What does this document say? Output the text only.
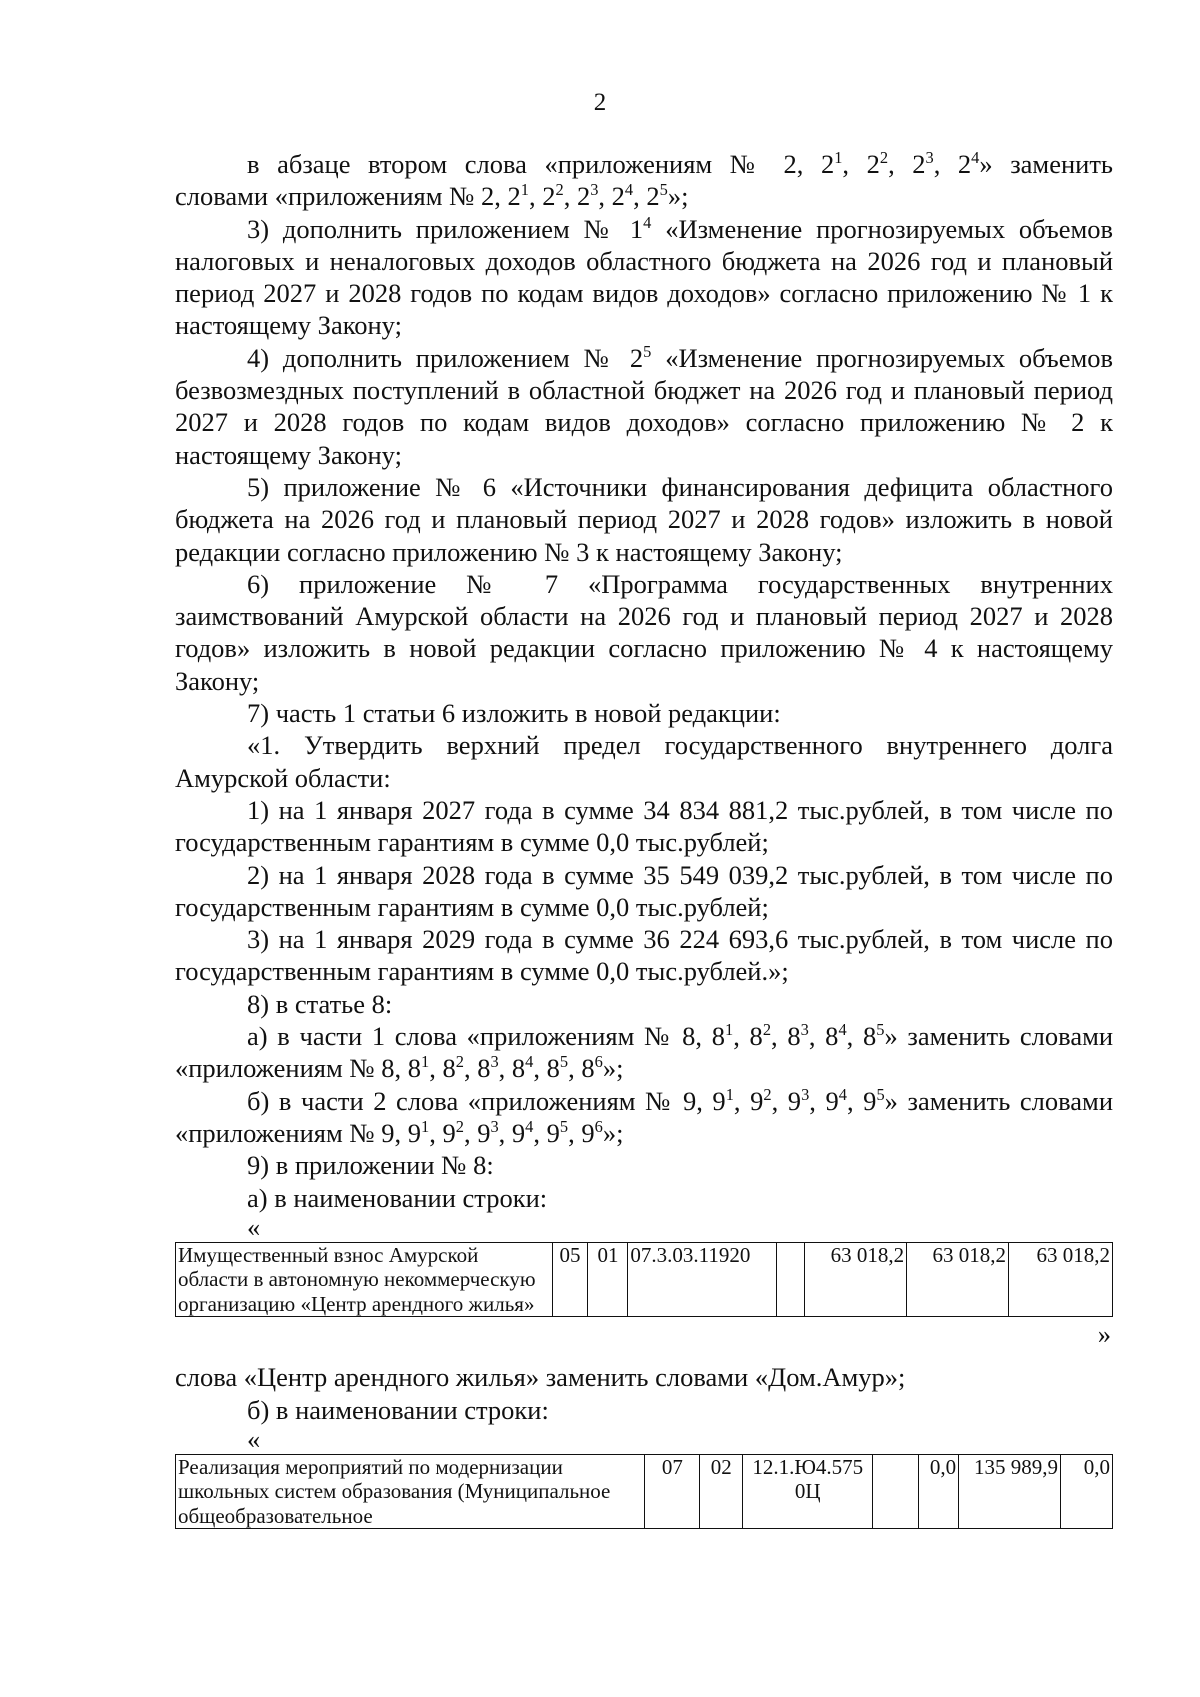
2

в абзаце втором слова «приложениям № 2, $2^1$, $2^2$, $2^3$, $2^4$» заменить

словами «приложениям № 2, $2^1$, $2^2$, $2^3$, $2^4$, $2^5$»;

3) дополнить приложением № $1^4$ «Изменение прогнозируемых объемов налоговых и неналоговых доходов областного бюджета на 2026 год и плановый период 2027 и 2028 годов по кодам видов доходов» согласно приложению № 1 к настоящему Закону;

4) дополнить приложением № $2^5$ «Изменение прогнозируемых объемов безвозмездных поступлений в областной бюджет на 2026 год и плановый период 2027 и 2028 годов по кодам видов доходов» согласно приложению № 2 к настоящему Закону;

5) приложение № 6 «Источники финансирования дефицита областного бюджета на 2026 год и плановый период 2027 и 2028 годов» изложить в новой редакции согласно приложению № 3 к настоящему Закону;

6) приложение № 7 «Программа государственных внутренних заимствований Амурской области на 2026 год и плановый период 2027 и 2028 годов» изложить в новой редакции согласно приложению № 4 к настоящему Закону;

7) часть 1 статьи 6 изложить в новой редакции:

«1. Утвердить верхний предел государственного внутреннего долга Амурской области:

1) на 1 января 2027 года в сумме 34 834 881,2 тыс.рублей, в том числе по государственным гарантиям в сумме 0,0 тыс.рублей;

2) на 1 января 2028 года в сумме 35 549 039,2 тыс.рублей, в том числе по государственным гарантиям в сумме 0,0 тыс.рублей;

3) на 1 января 2029 года в сумме 36 224 693,6 тыс.рублей, в том числе по государственным гарантиям в сумме 0,0 тыс.рублей.»;

8) в статье 8:

а) в части 1 слова «приложениям № 8, $8^1$, $8^2$, $8^3$, $8^4$, $8^5$» заменить словами

«приложениям № 8, $8^1$, $8^2$, $8^3$, $8^4$, $8^5$, $8^6$»;

б) в части 2 слова «приложениям № 9, $9^1$, $9^2$, $9^3$, $9^4$, $9^5$» заменить словами

«приложениям № 9, $9^1$, $9^2$, $9^3$, $9^4$, $9^5$, $9^6$»;

9) в приложении № 8:

а) в наименовании строки:

«

Имущественный взнос Амурской области в автономную некоммерческую организацию «Центр арендного жилья»	05	01	07.3.03.11920		63 018,2	63 018,2	63 018,2

»

слова «Центр арендного жилья» заменить словами «Дом.Амур»;

б) в наименовании строки:

«

Реализация мероприятий по модернизации школьных систем образования (Муниципальное общеобразовательное	07	02	12.1.Ю4.575 0Ц		0,0	135 989,9	0,0
